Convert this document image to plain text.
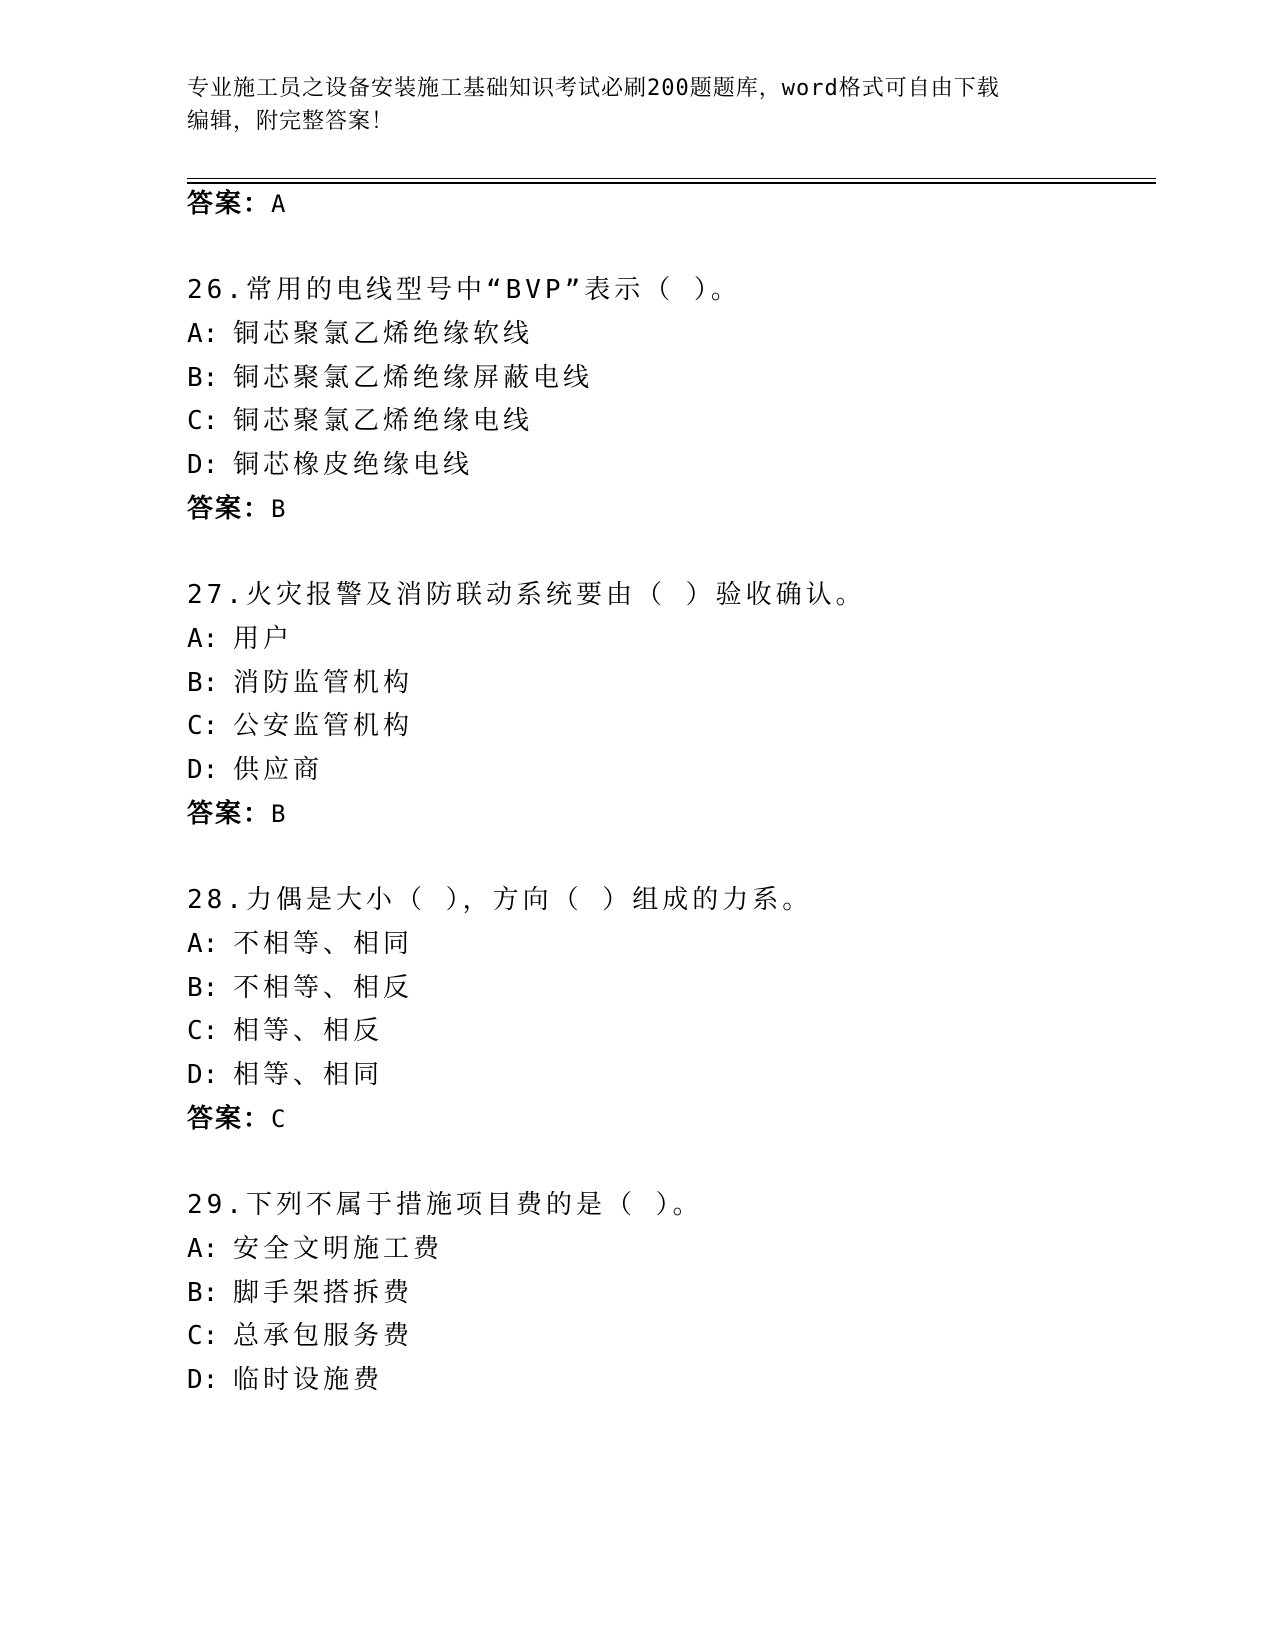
专业施工员之设备安装施工基础知识考试必刷200题题库，word格式可自由下载
编辑，附完整答案！
答案：A
26.常用的电线型号中“BVP”表示（ ）。
A: 铜芯聚氯乙烯绝缘软线
B: 铜芯聚氯乙烯绝缘屏蔽电线
C: 铜芯聚氯乙烯绝缘电线
D: 铜芯橡皮绝缘电线
答案：B
27.火灾报警及消防联动系统要由（ ）验收确认。
A: 用户
B: 消防监管机构
C: 公安监管机构
D: 供应商
答案：B
28.力偶是大小（ ），方向（ ）组成的力系。
A: 不相等、相同
B: 不相等、相反
C: 相等、相反
D: 相等、相同
答案：C
29.下列不属于措施项目费的是（ ）。
A: 安全文明施工费
B: 脚手架搭拆费
C: 总承包服务费
D: 临时设施费
